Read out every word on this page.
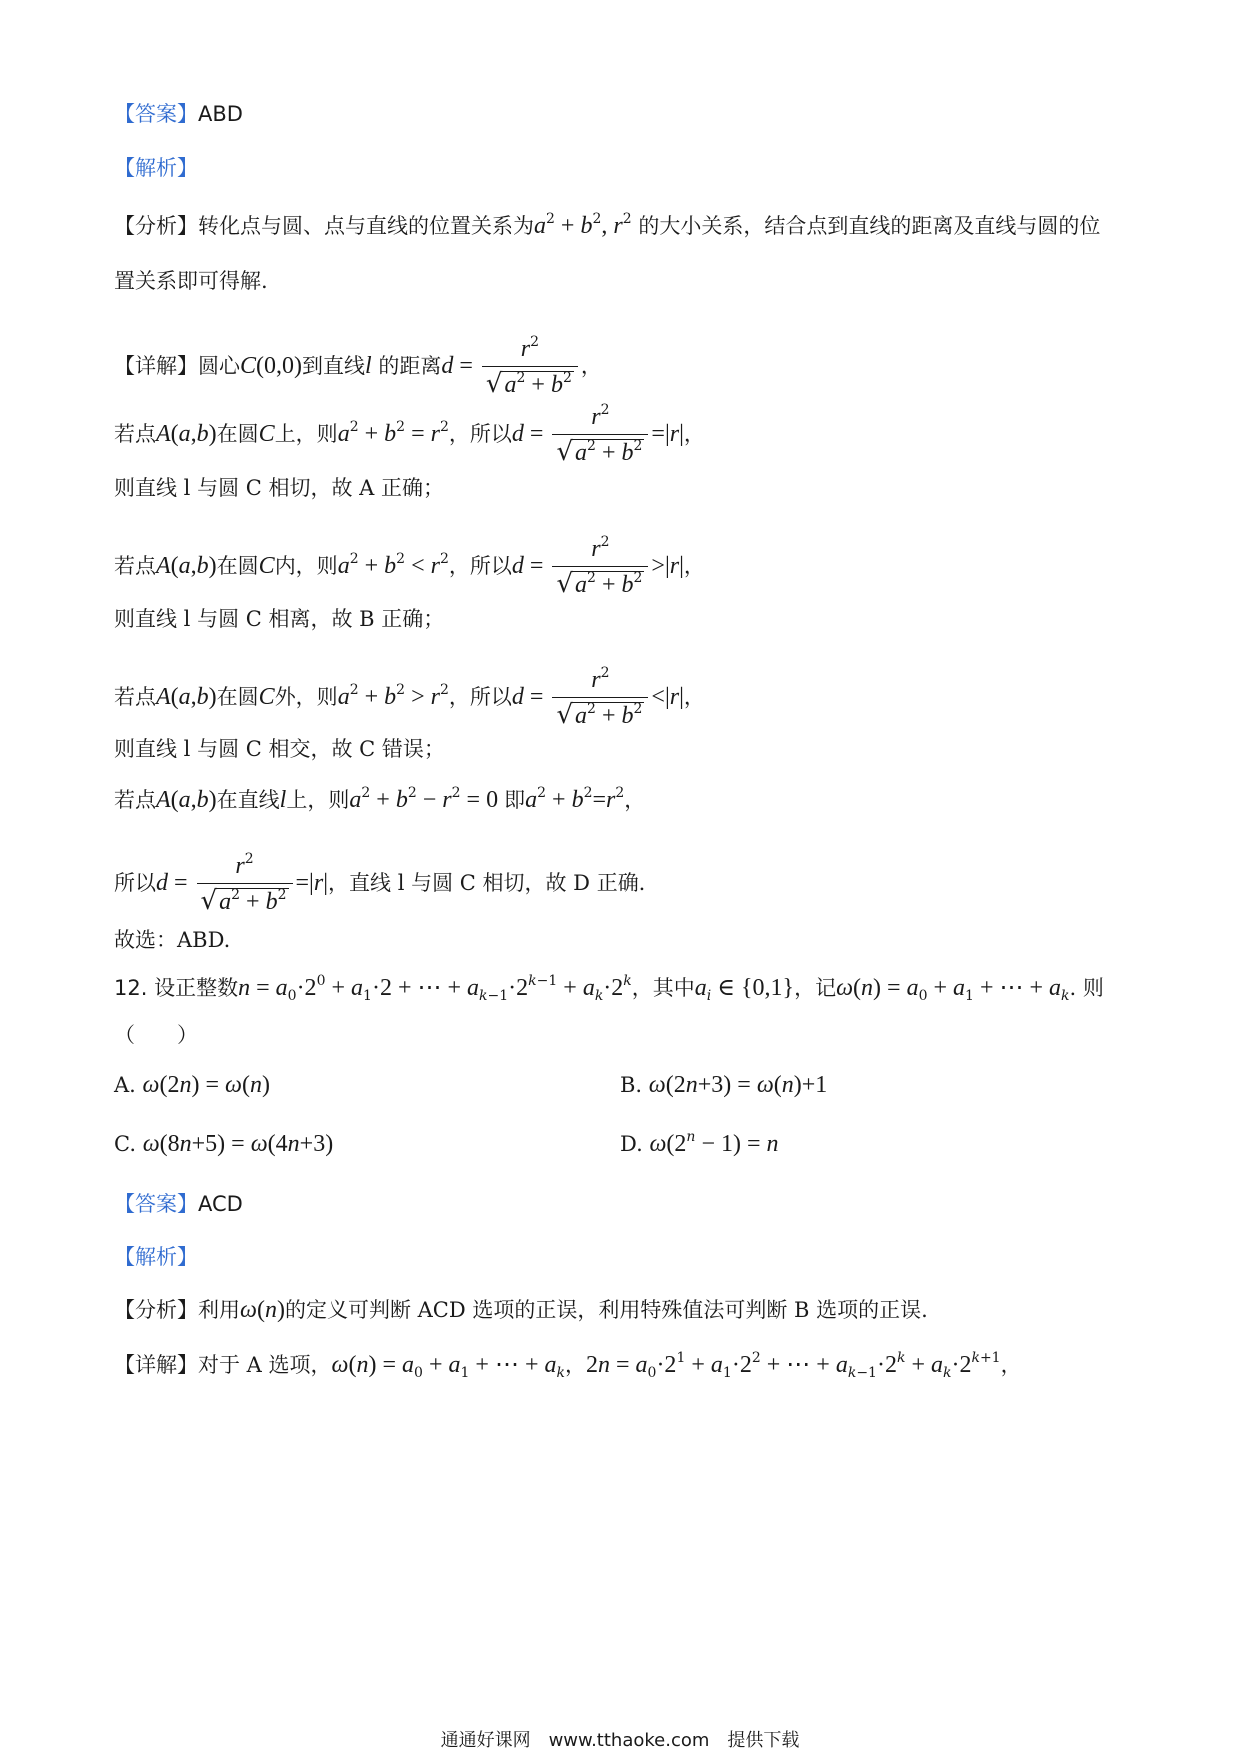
【答案】ABD
【解析】
【分析】转化点与圆、点与直线的位置关系为$a^2 + b^2$, $r^2$ 的大小关系，结合点到直线的距离及直线与圆的位
置关系即可得解.
【详解】圆心C(0,0)到直线l 的距离$d = \frac{r^2}{√a^2 + b^2}$ ，
若点A(a,b)在圆C上，则$a^2 + b^2 = r^2$，所以$d = \frac{r^2}{√a^2 + b^2} =|r|$，
则直线 l 与圆 C 相切，故 A 正确；
若点A(a,b)在圆C内，则$a^2 + b^2 < r^2$，所以$d = \frac{r^2}{√a^2 + b^2} >|r|$，
则直线 l 与圆 C 相离，故 B 正确；
若点A(a,b)在圆C外，则$a^2 + b^2 > r^2$，所以$d = \frac{r^2}{√a^2 + b^2} <|r|$，
则直线 l 与圆 C 相交，故 C 错误；
若点A(a,b)在直线l上，则$a^2 + b^2 - r^2 = 0$ 即$a^2 + b^2=r^2$，
所以$d = \frac{r^2}{√a^2 + b^2} =|r|$，直线 l 与圆 C 相切，故 D 正确.
故选：ABD.
12. 设正整数$n = a_0\cdot 2^0 + a_1\cdot 2$ + ⋯ + $a_{k-1}\cdot 2^{k-1} + a_k\cdot 2^k$，其中$a_i$ ∈ {0,1}，记$\omega(n) = a_0 + a_1$ + ⋯ + $a_k$. 则
（　　）
A. ω(2n) = ω(n)	B. ω(2n+3) = ω(n)+1
C. ω(8n+5) = ω(4n+3)	D. $\omega(2^n - 1) = n$
【答案】ACD
【解析】
【分析】利用ω(n)的定义可判断 ACD 选项的正误，利用特殊值法可判断 B 选项的正误.
【详解】对于 A 选项，$\omega(n) = a_0 + a_1$ + ⋯ + $a_k$，$2n = a_0\cdot 2^1 + a_1\cdot 2^2$ + ⋯ + $a_{k-1}\cdot 2^k + a_k\cdot 2^{k+1}$，
通通好课网　www.tthaoke.com　提供下载
